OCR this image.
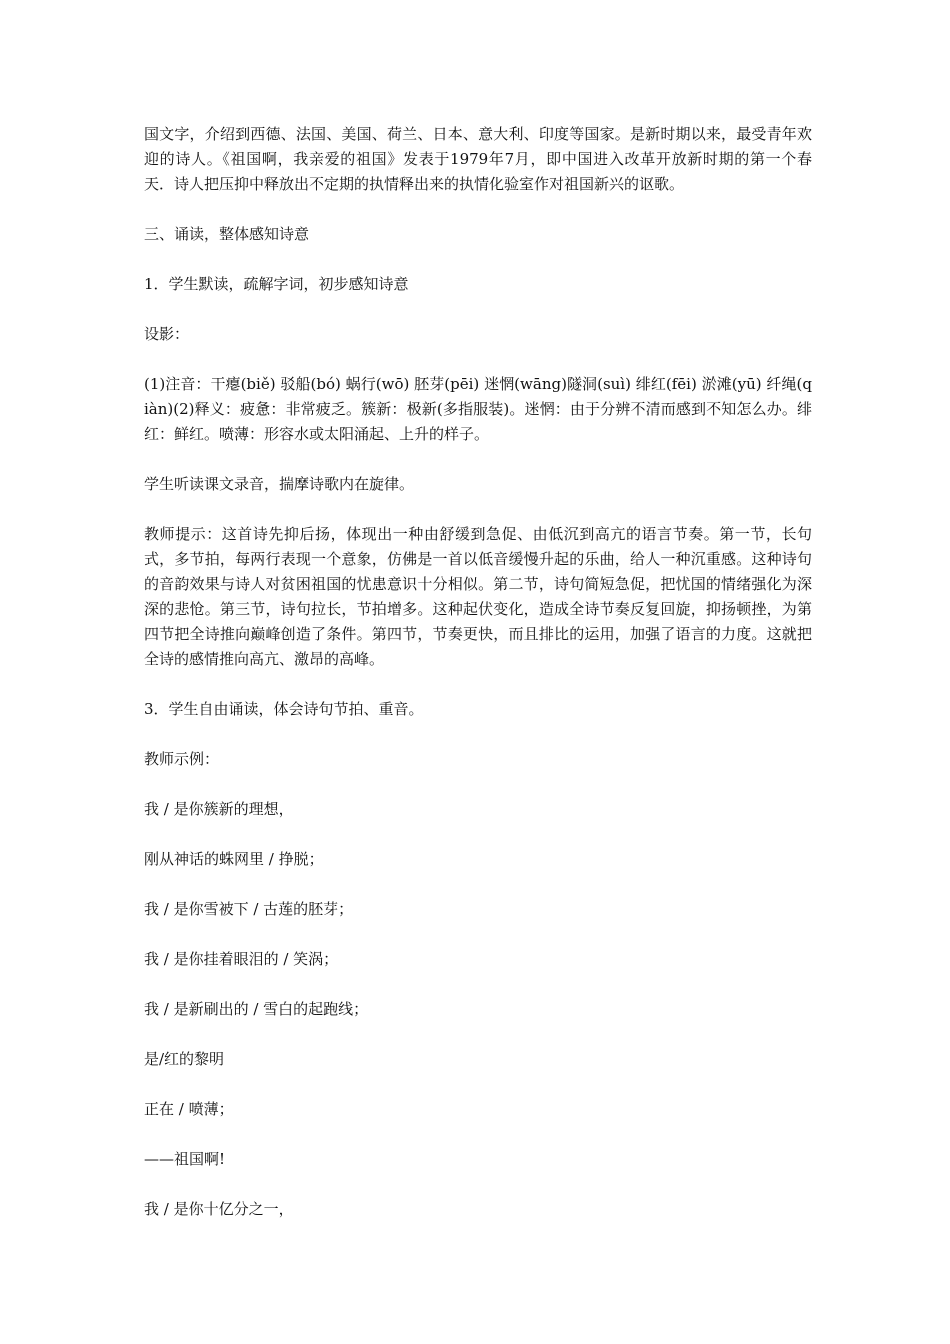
国文字，介绍到西德、法国、美国、荷兰、日本、意大利、印度等国家。是新时期以来，最受青年欢迎的诗人。《祖国啊，我亲爱的祖国》发表于1979年7月，即中国进入改革开放新时期的第一个春天．诗人把压抑中释放出不定期的执情释出来的执情化验室作对祖国新兴的讴歌。

三、诵读，整体感知诗意

1．学生默读，疏解字词，初步感知诗意

设影：

(1)注音：干瘪(biě) 驳船(bó) 蜗行(wō) 胚芽(pēi) 迷惘(wāng)隧洞(suì) 绯红(fēi) 淤滩(yū) 纤绳(qiàn)(2)释义：疲惫：非常疲乏。簇新：极新(多指服装)。迷惘：由于分辨不清而感到不知怎么办。绯红：鲜红。喷薄：形容水或太阳涌起、上升的样子。

学生听读课文录音，揣摩诗歌内在旋律。

教师提示：这首诗先抑后扬，体现出一种由舒缓到急促、由低沉到高亢的语言节奏。第一节，长句式，多节拍，每两行表现一个意象，仿佛是一首以低音缓慢升起的乐曲，给人一种沉重感。这种诗句的音韵效果与诗人对贫困祖国的忧患意识十分相似。第二节，诗句简短急促，把忧国的情绪强化为深深的悲怆。第三节，诗句拉长，节拍增多。这种起伏变化，造成全诗节奏反复回旋，抑扬顿挫，为第四节把全诗推向巅峰创造了条件。第四节，节奏更快，而且排比的运用，加强了语言的力度。这就把全诗的感情推向高亢、激昂的高峰。

3．学生自由诵读，体会诗句节拍、重音。

教师示例：

我 / 是你簇新的理想，

刚从神话的蛛网里 / 挣脱；

我 / 是你雪被下 / 古莲的胚芽；

我 / 是你挂着眼泪的 / 笑涡；

我 / 是新刷出的 / 雪白的起跑线；

是/红的黎明

正在 / 喷薄；

——祖国啊!

我 / 是你十亿分之一，
